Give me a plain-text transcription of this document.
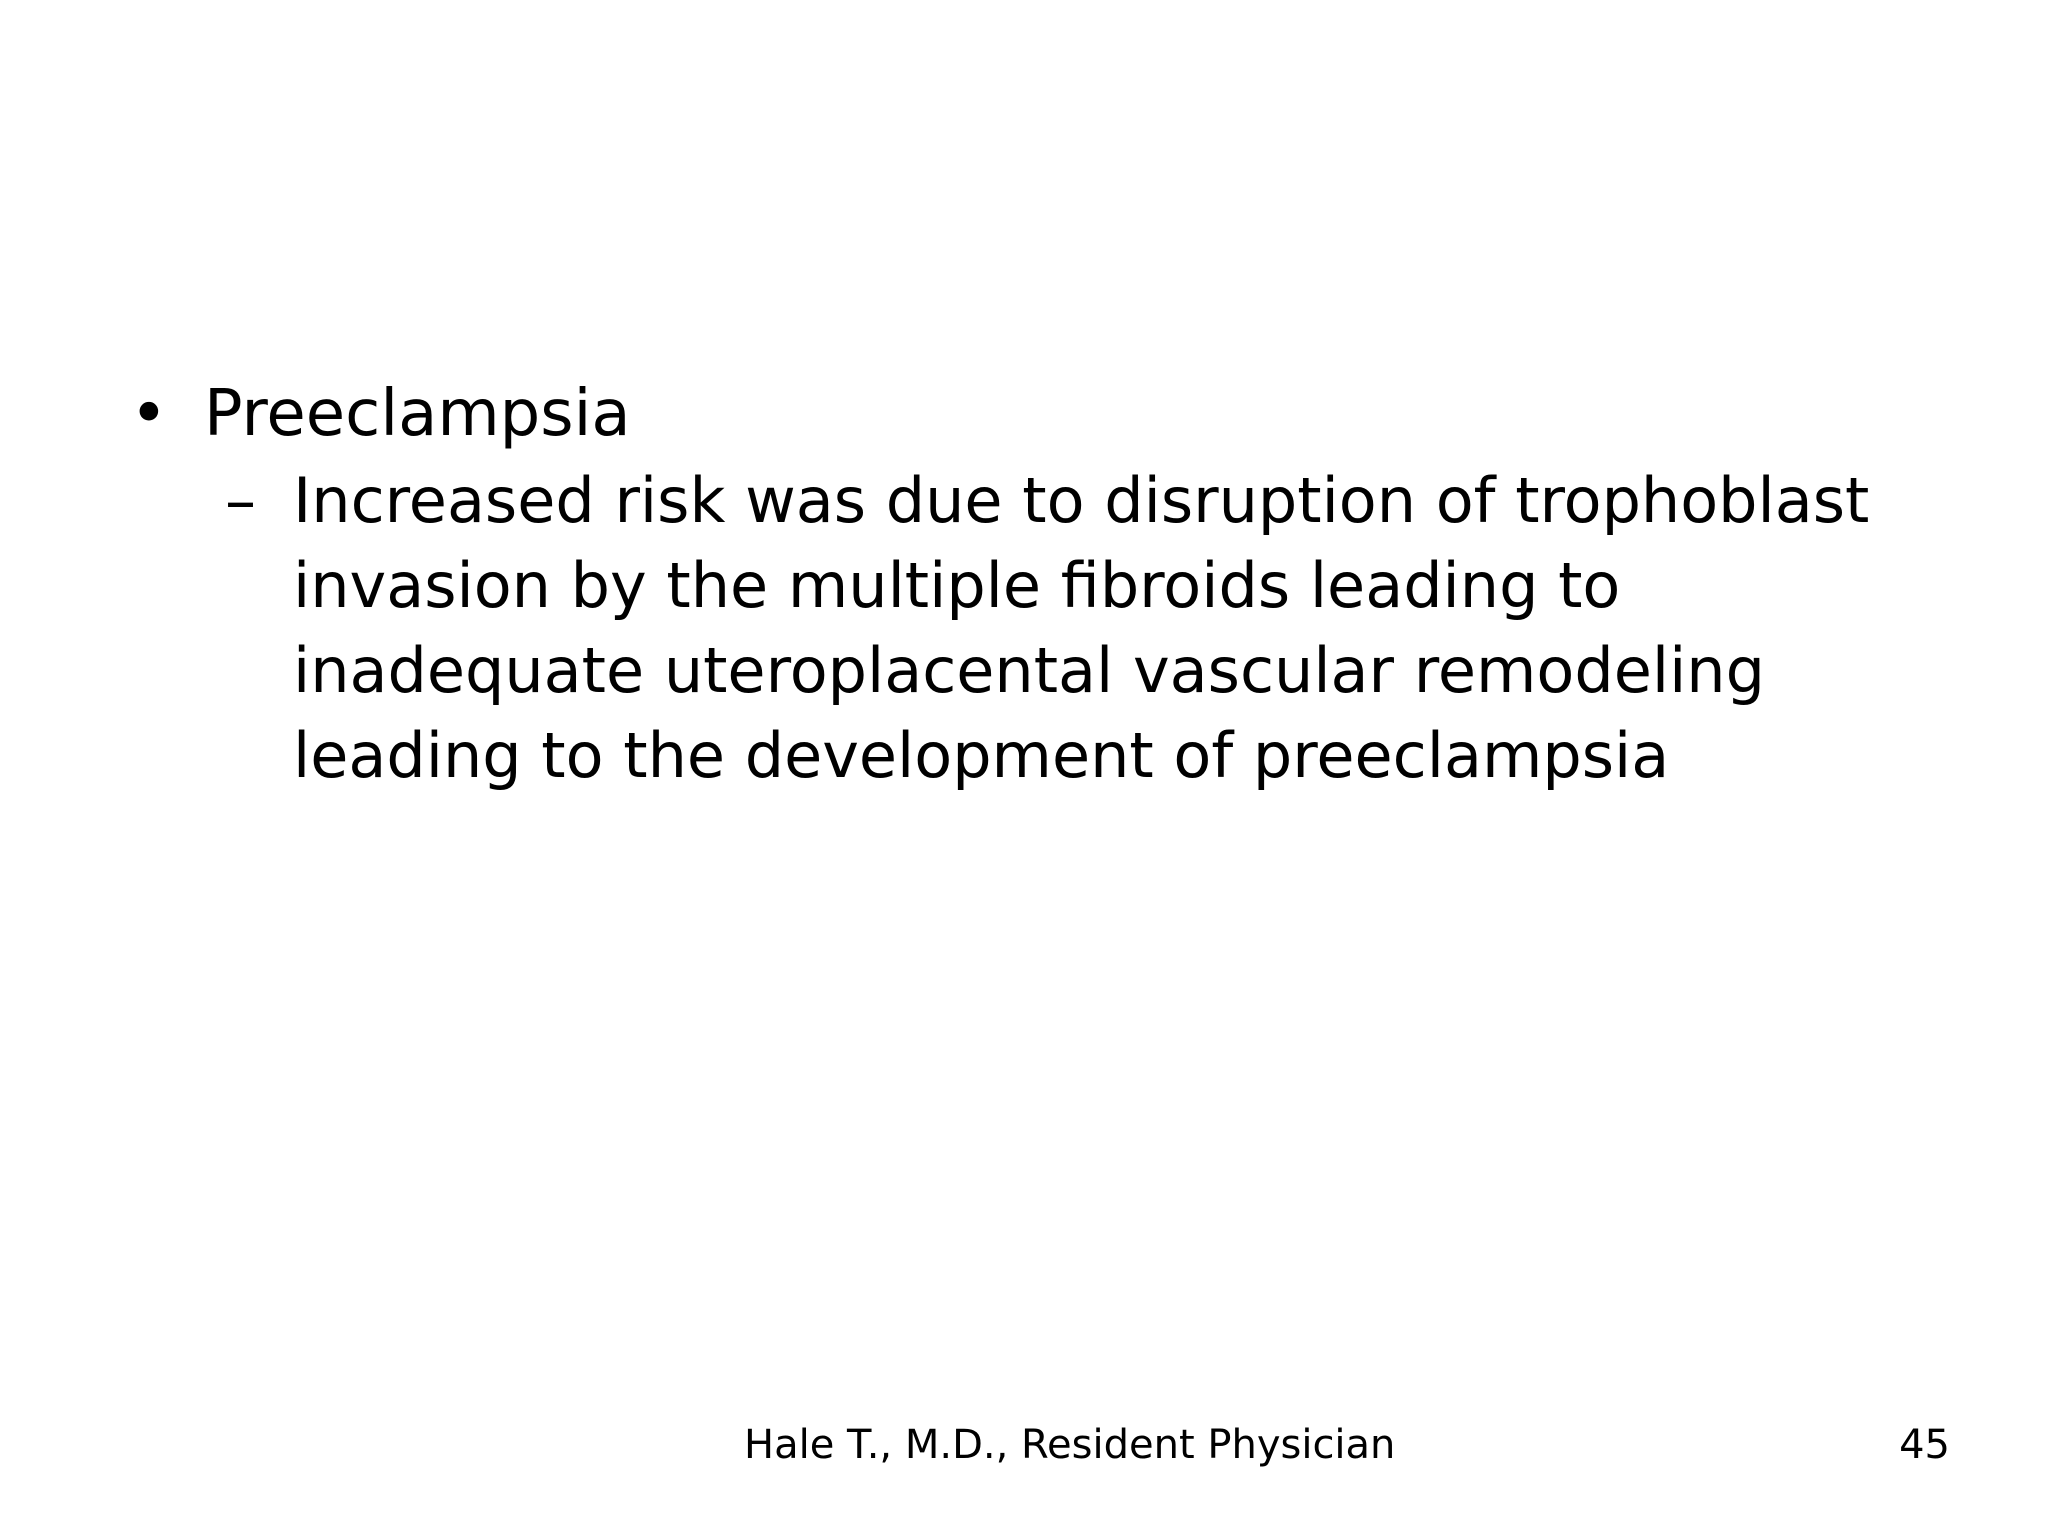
• Preeclampsia
– Increased risk was due to disruption of trophoblast invasion by the multiple fibroids leading to inadequate uteroplacental vascular remodeling leading to the development of preeclampsia
Hale T., M.D., Resident Physician	45
